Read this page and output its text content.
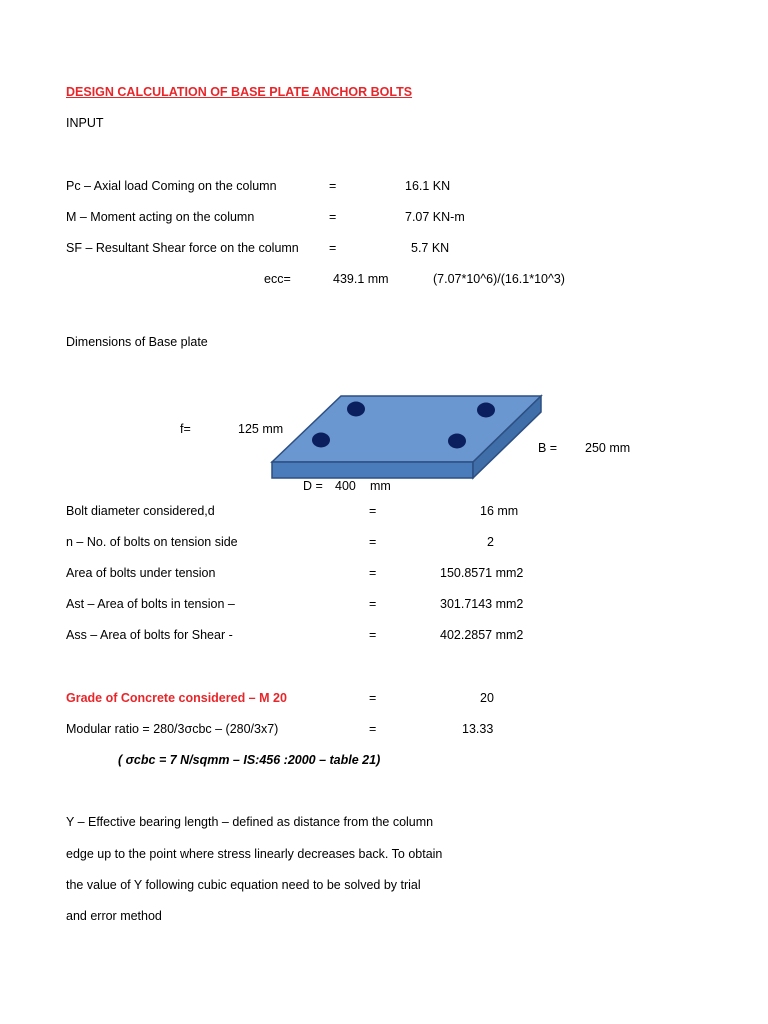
DESIGN CALCULATION OF BASE PLATE ANCHOR BOLTS
INPUT
Pc – Axial load Coming on the column	=	16.1 KN
M – Moment acting on the column	=	7.07 KN-m
SF – Resultant Shear force on the column =	5.7 KN
ecc=	439.1 mm	(7.07*10^6)/(16.1*10^3)
Dimensions of Base plate
f=	125 mm
B = 250 mm
D = 400 mm
Bolt diameter considered,d	=	16 mm
n – No. of bolts on tension side	=	2
Area of bolts under tension	=	150.8571 mm2
Ast – Area of bolts in tension –	=	301.7143 mm2
Ass – Area of bolts for Shear -	=	402.2857 mm2
Grade of Concrete considered – M 20	=	20
Modular ratio = 280/3σcbc – (280/3x7)	=	13.33
( σcbc = 7 N/sqmm – IS:456 :2000 – table 21)
Y – Effective bearing length – defined as distance from the column
edge up to the point where stress linearly decreases back. To obtain
the value of Y following cubic equation need to be solved by trial
and error method
